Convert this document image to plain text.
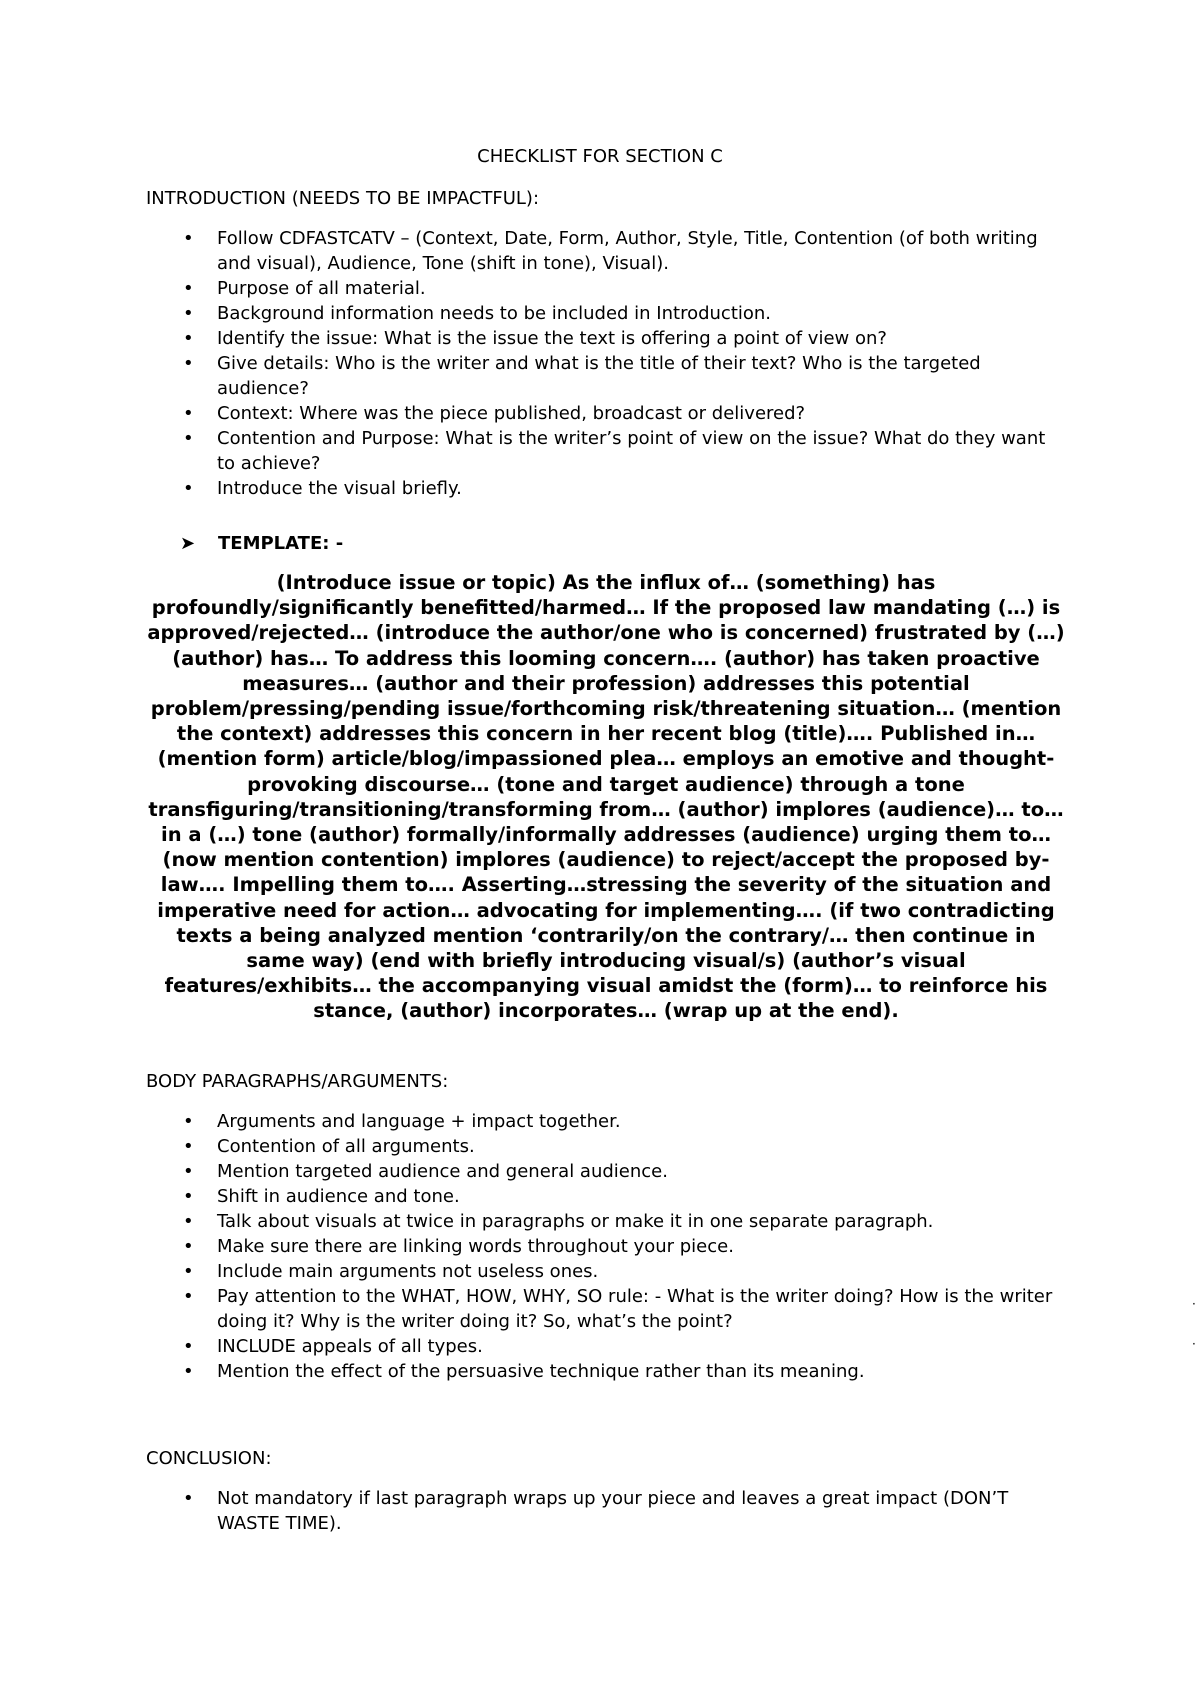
CHECKLIST FOR SECTION C
INTRODUCTION (NEEDS TO BE IMPACTFUL):
• Follow CDFASTCATV – (Context, Date, Form, Author, Style, Title, Contention (of both writing and visual), Audience, Tone (shift in tone), Visual).
• Purpose of all material.
• Background information needs to be included in Introduction.
• Identify the issue: What is the issue the text is offering a point of view on?
• Give details: Who is the writer and what is the title of their text? Who is the targeted audience?
• Context: Where was the piece published, broadcast or delivered?
• Contention and Purpose: What is the writer’s point of view on the issue? What do they want to achieve?
• Introduce the visual briefly.
➤ TEMPLATE: -

(Introduce issue or topic) As the influx of… (something) has profoundly/significantly benefitted/harmed… If the proposed law mandating (…) is approved/rejected… (introduce the author/one who is concerned) frustrated by (…) (author) has… To address this looming concern…. (author) has taken proactive measures… (author and their profession) addresses this potential problem/pressing/pending issue/forthcoming risk/threatening situation… (mention the context) addresses this concern in her recent blog (title)…. Published in… (mention form) article/blog/impassioned plea… employs an emotive and thought-provoking discourse… (tone and target audience) through a tone transfiguring/transitioning/transforming from… (author) implores (audience)… to… in a (…) tone (author) formally/informally addresses (audience) urging them to… (now mention contention) implores (audience) to reject/accept the proposed by-law…. Impelling them to…. Asserting…stressing the severity of the situation and imperative need for action… advocating for implementing…. (if two contradicting texts a being analyzed mention ‘contrarily/on the contrary/… then continue in same way) (end with briefly introducing visual/s) (author’s visual features/exhibits… the accompanying visual amidst the (form)… to reinforce his stance, (author) incorporates… (wrap up at the end).

BODY PARAGRAPHS/ARGUMENTS:
• Arguments and language + impact together.
• Contention of all arguments.
• Mention targeted audience and general audience.
• Shift in audience and tone.
• Talk about visuals at twice in paragraphs or make it in one separate paragraph.
• Make sure there are linking words throughout your piece.
• Include main arguments not useless ones.
• Pay attention to the WHAT, HOW, WHY, SO rule: - What is the writer doing? How is the writer doing it? Why is the writer doing it? So, what’s the point?
• INCLUDE appeals of all types.
• Mention the effect of the persuasive technique rather than its meaning.
CONCLUSION:
• Not mandatory if last paragraph wraps up your piece and leaves a great impact (DON’T WASTE TIME).
·
·
